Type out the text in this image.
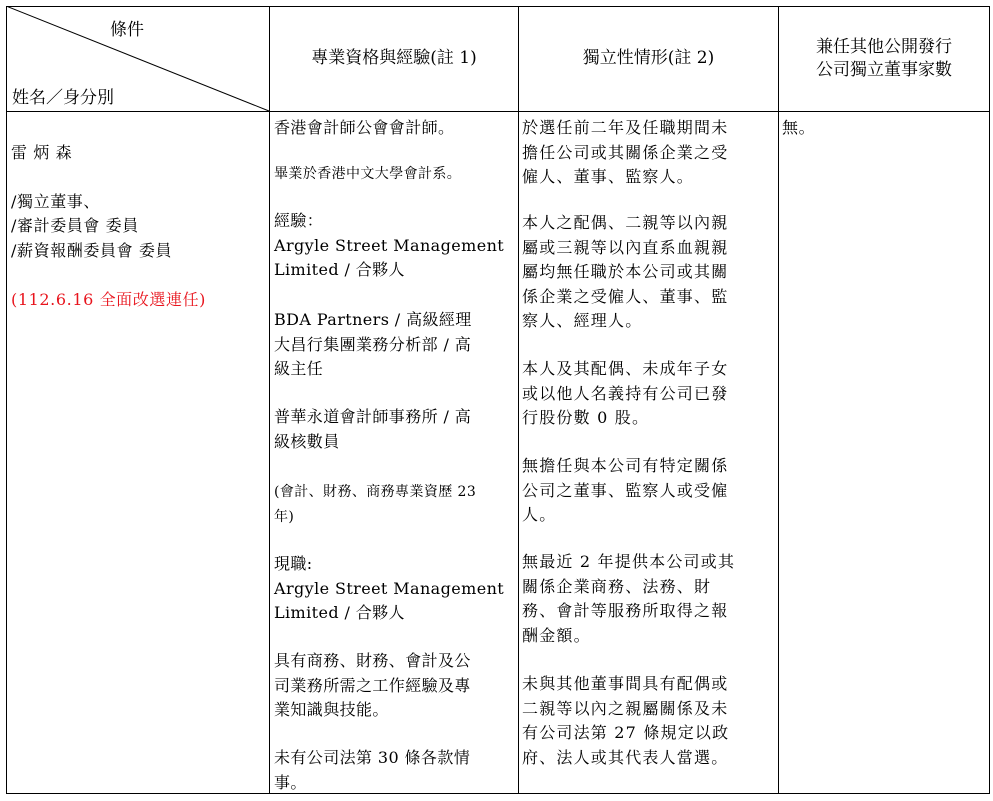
條件
姓名／身分別
專業資格與經驗(註 1)	獨立性情形(註 2)
兼任其他公開發行
公司獨立董事家數

雷 炳 森

/獨立董事、
/審計委員會 委員
/薪資報酬委員會 委員

(112.6.16 全面改選連任)

香港會計師公會會計師。

畢業於香港中文大學會計系。

經驗：
Argyle Street Management
Limited / 合夥人

BDA Partners / 高級經理
大昌行集團業務分析部 / 高
級主任

普華永道會計師事務所 / 高
級核數員

(會計、財務、商務專業資歷 23
年)

現職:
Argyle Street Management
Limited / 合夥人

具有商務、財務、會計及公
司業務所需之工作經驗及專
業知識與技能。

未有公司法第 30 條各款情
事。

於選任前二年及任職期間未
擔任公司或其關係企業之受
僱人、董事、監察人。

本人之配偶、二親等以內親
屬或三親等以內直系血親親
屬均無任職於本公司或其關
係企業之受僱人、董事、監
察人、經理人。

本人及其配偶、未成年子女
或以他人名義持有公司已發
行股份數 0 股。

無擔任與本公司有特定關係
公司之董事、監察人或受僱
人。

無最近 2 年提供本公司或其
關係企業商務、法務、財
務、會計等服務所取得之報
酬金額。

未與其他董事間具有配偶或
二親等以內之親屬關係及未
有公司法第 27 條規定以政
府、法人或其代表人當選。

無。
